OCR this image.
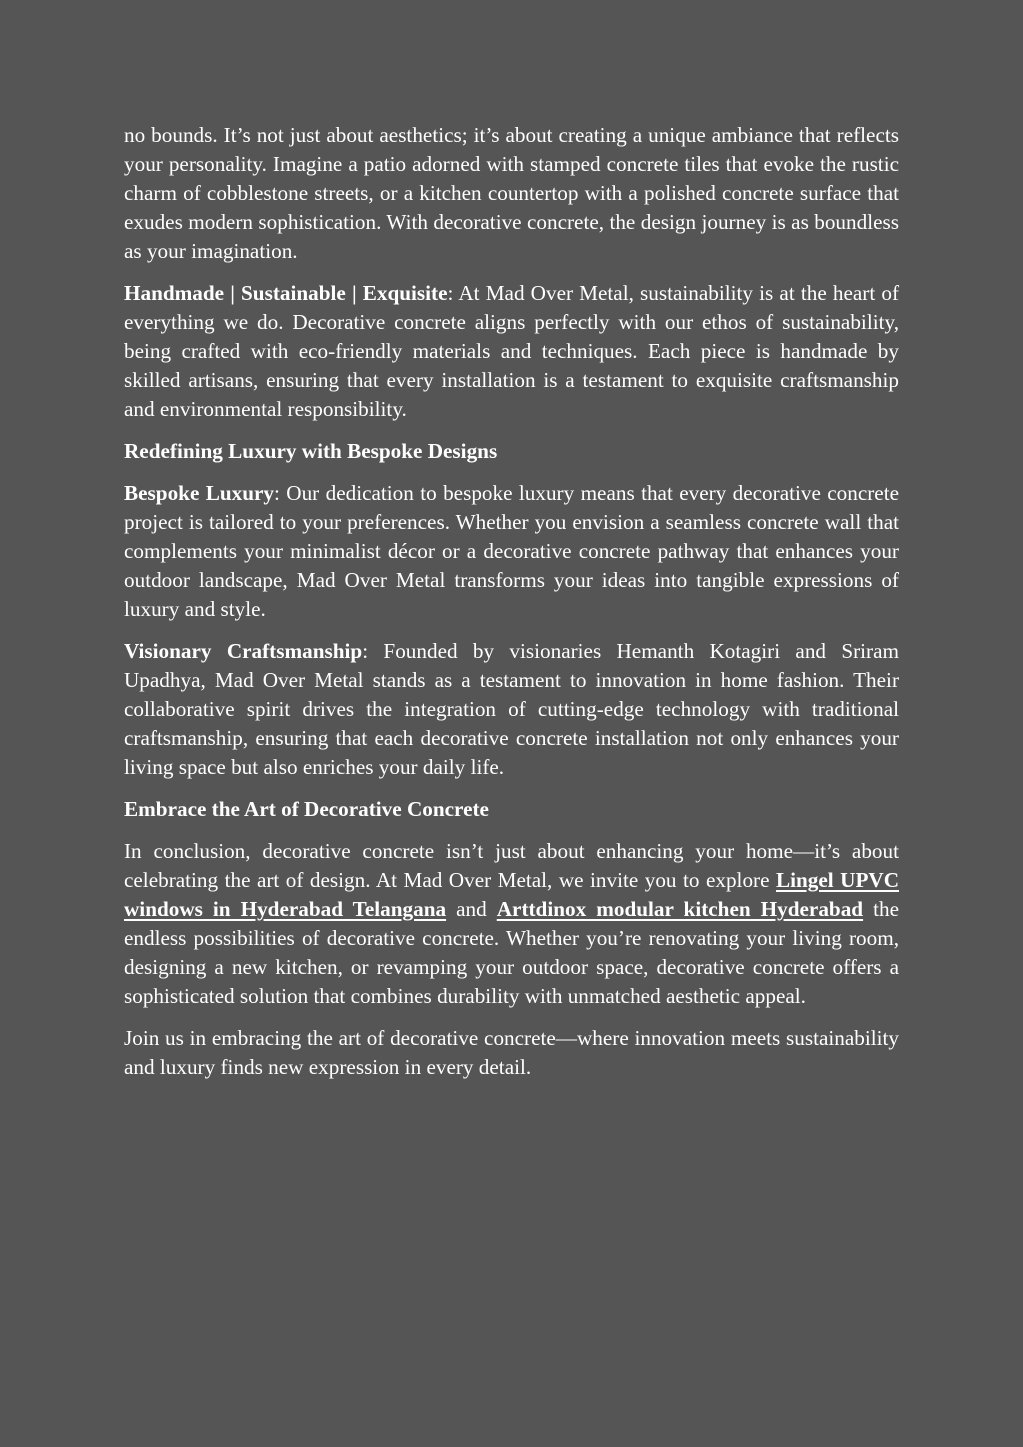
no bounds. It’s not just about aesthetics; it’s about creating a unique ambiance that reflects your personality. Imagine a patio adorned with stamped concrete tiles that evoke the rustic charm of cobblestone streets, or a kitchen countertop with a polished concrete surface that exudes modern sophistication. With decorative concrete, the design journey is as boundless as your imagination.

Handmade | Sustainable | Exquisite: At Mad Over Metal, sustainability is at the heart of everything we do. Decorative concrete aligns perfectly with our ethos of sustainability, being crafted with eco-friendly materials and techniques. Each piece is handmade by skilled artisans, ensuring that every installation is a testament to exquisite craftsmanship and environmental responsibility.

Redefining Luxury with Bespoke Designs

Bespoke Luxury: Our dedication to bespoke luxury means that every decorative concrete project is tailored to your preferences. Whether you envision a seamless concrete wall that complements your minimalist décor or a decorative concrete pathway that enhances your outdoor landscape, Mad Over Metal transforms your ideas into tangible expressions of luxury and style.

Visionary Craftsmanship: Founded by visionaries Hemanth Kotagiri and Sriram Upadhya, Mad Over Metal stands as a testament to innovation in home fashion. Their collaborative spirit drives the integration of cutting-edge technology with traditional craftsmanship, ensuring that each decorative concrete installation not only enhances your living space but also enriches your daily life.

Embrace the Art of Decorative Concrete

In conclusion, decorative concrete isn’t just about enhancing your home—it’s about celebrating the art of design. At Mad Over Metal, we invite you to explore Lingel UPVC windows in Hyderabad Telangana and Arttdinox modular kitchen Hyderabad the endless possibilities of decorative concrete. Whether you’re renovating your living room, designing a new kitchen, or revamping your outdoor space, decorative concrete offers a sophisticated solution that combines durability with unmatched aesthetic appeal.

Join us in embracing the art of decorative concrete—where innovation meets sustainability and luxury finds new expression in every detail.
